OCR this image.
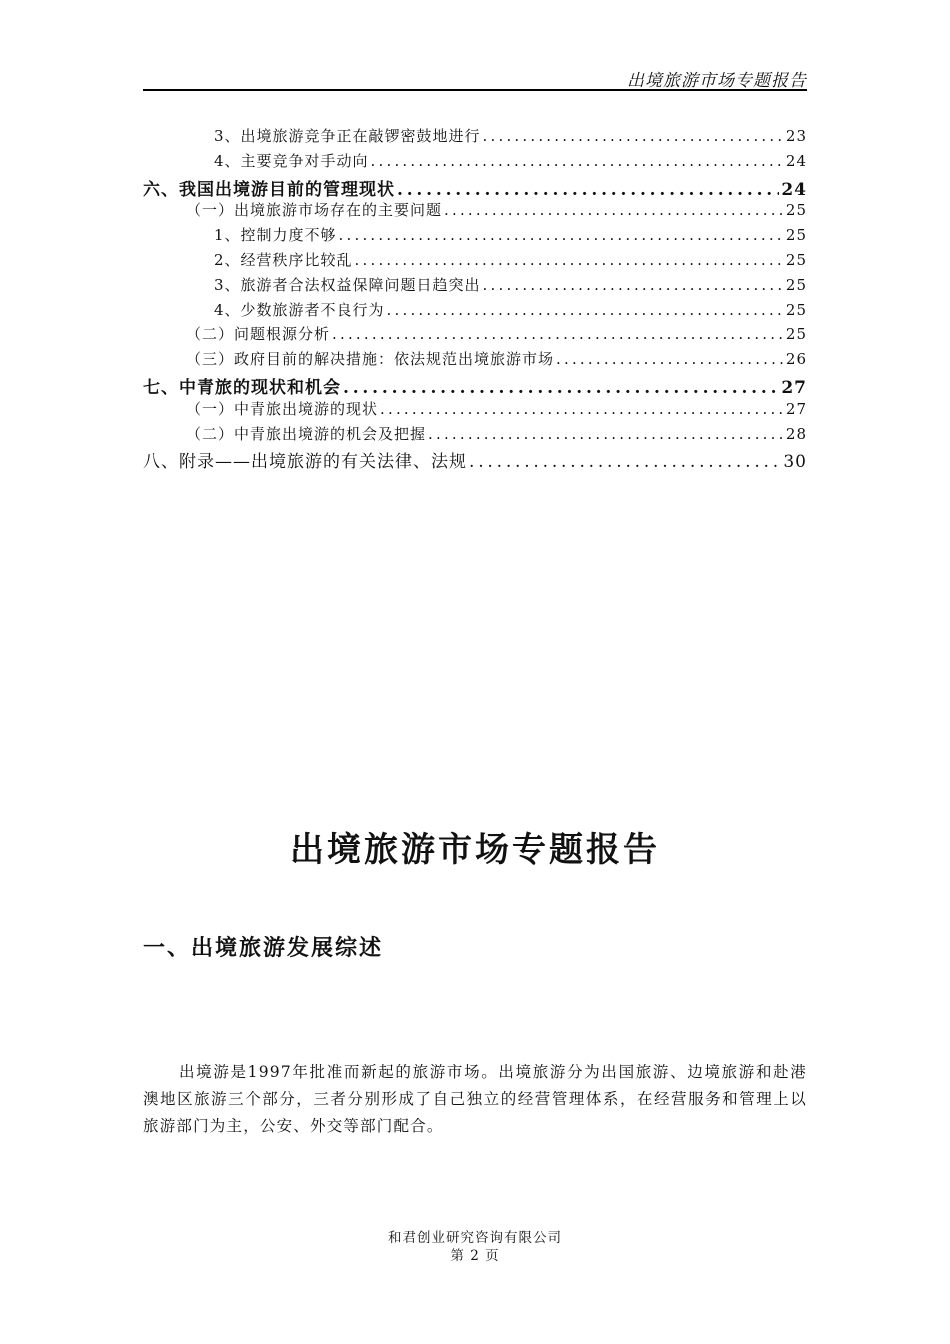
出境旅游市场专题报告
3、出境旅游竞争正在敲锣密鼓地进行 .....	23
4、主要竞争对手动向 .....	24
六、我国出境游目前的管理现状 .....	24
（一）出境旅游市场存在的主要问题 .....	25
1、控制力度不够 .....	25
2、经营秩序比较乱 .....	25
3、旅游者合法权益保障问题日趋突出 .....	25
4、少数旅游者不良行为 .....	25
（二）问题根源分析 .....	25
（三）政府目前的解决措施：依法规范出境旅游市场 .....	26
七、中青旅的现状和机会 .....	27
（一）中青旅出境游的现状 .....	27
（二）中青旅出境游的机会及把握 .....	28
八、附录——出境旅游的有关法律、法规 .....	30
出境旅游市场专题报告
一、出境旅游发展综述
出境游是1997年批准而新起的旅游市场。出境旅游分为出国旅游、边境旅游和赴港澳地区旅游三个部分，三者分别形成了自己独立的经营管理体系，在经营服务和管理上以旅游部门为主，公安、外交等部门配合。
和君创业研究咨询有限公司
第 2 页
